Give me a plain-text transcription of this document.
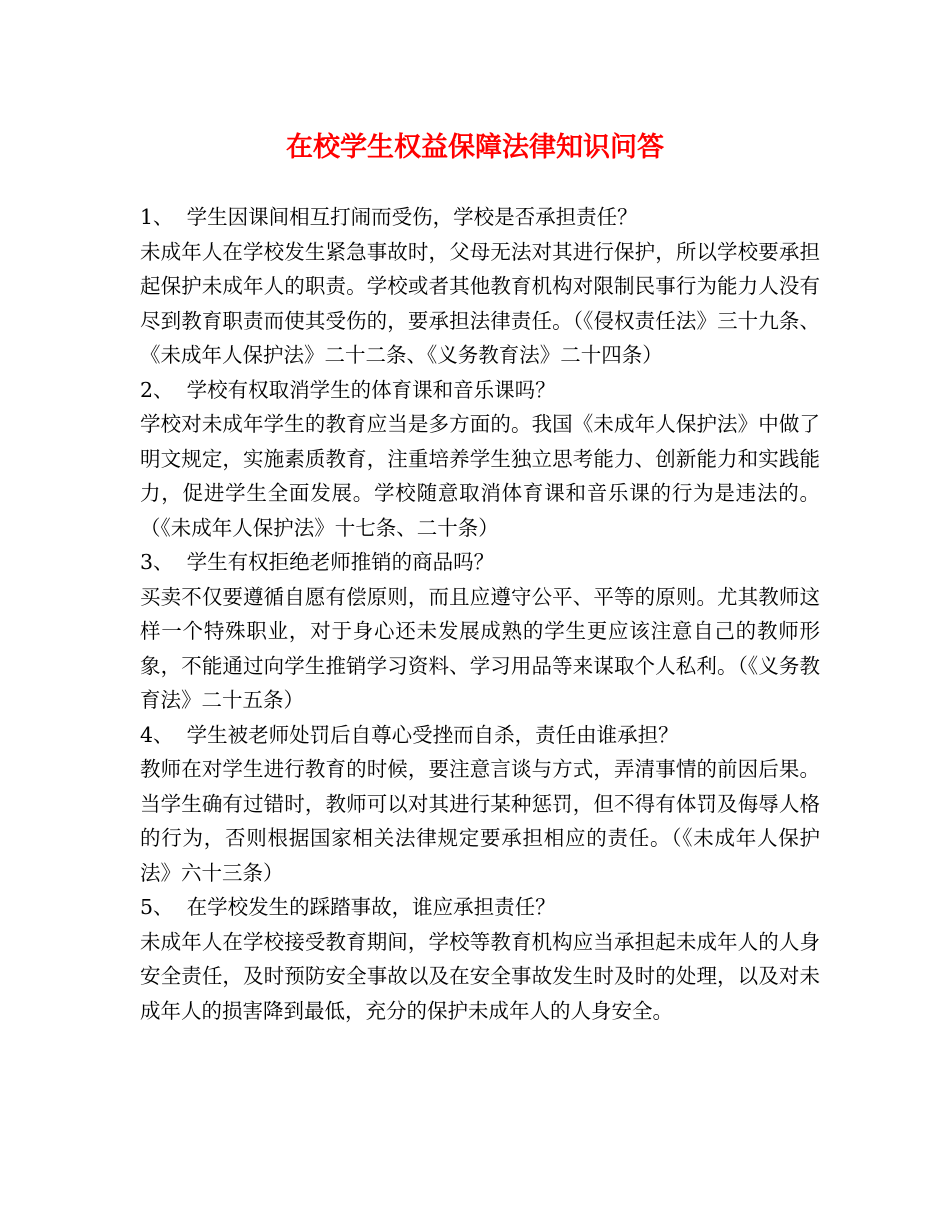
在校学生权益保障法律知识问答

1、  学生因课间相互打闹而受伤，学校是否承担责任？

未成年人在学校发生紧急事故时，父母无法对其进行保护，所以学校要承担起保护未成年人的职责。学校或者其他教育机构对限制民事行为能力人没有尽到教育职责而使其受伤的，要承担法律责任。（《侵权责任法》三十九条、《未成年人保护法》二十二条、《义务教育法》二十四条）

2、  学校有权取消学生的体育课和音乐课吗？

学校对未成年学生的教育应当是多方面的。我国《未成年人保护法》中做了明文规定，实施素质教育，注重培养学生独立思考能力、创新能力和实践能力，促进学生全面发展。学校随意取消体育课和音乐课的行为是违法的。（《未成年人保护法》十七条、二十条）

3、  学生有权拒绝老师推销的商品吗？

买卖不仅要遵循自愿有偿原则，而且应遵守公平、平等的原则。尤其教师这样一个特殊职业，对于身心还未发展成熟的学生更应该注意自己的教师形象，不能通过向学生推销学习资料、学习用品等来谋取个人私利。（《义务教育法》二十五条）

4、  学生被老师处罚后自尊心受挫而自杀，责任由谁承担？

教师在对学生进行教育的时候，要注意言谈与方式，弄清事情的前因后果。当学生确有过错时，教师可以对其进行某种惩罚，但不得有体罚及侮辱人格的行为，否则根据国家相关法律规定要承担相应的责任。（《未成年人保护法》六十三条）

5、  在学校发生的踩踏事故，谁应承担责任？

未成年人在学校接受教育期间，学校等教育机构应当承担起未成年人的人身安全责任，及时预防安全事故以及在安全事故发生时及时的处理，以及对未成年人的损害降到最低，充分的保护未成年人的人身安全。
